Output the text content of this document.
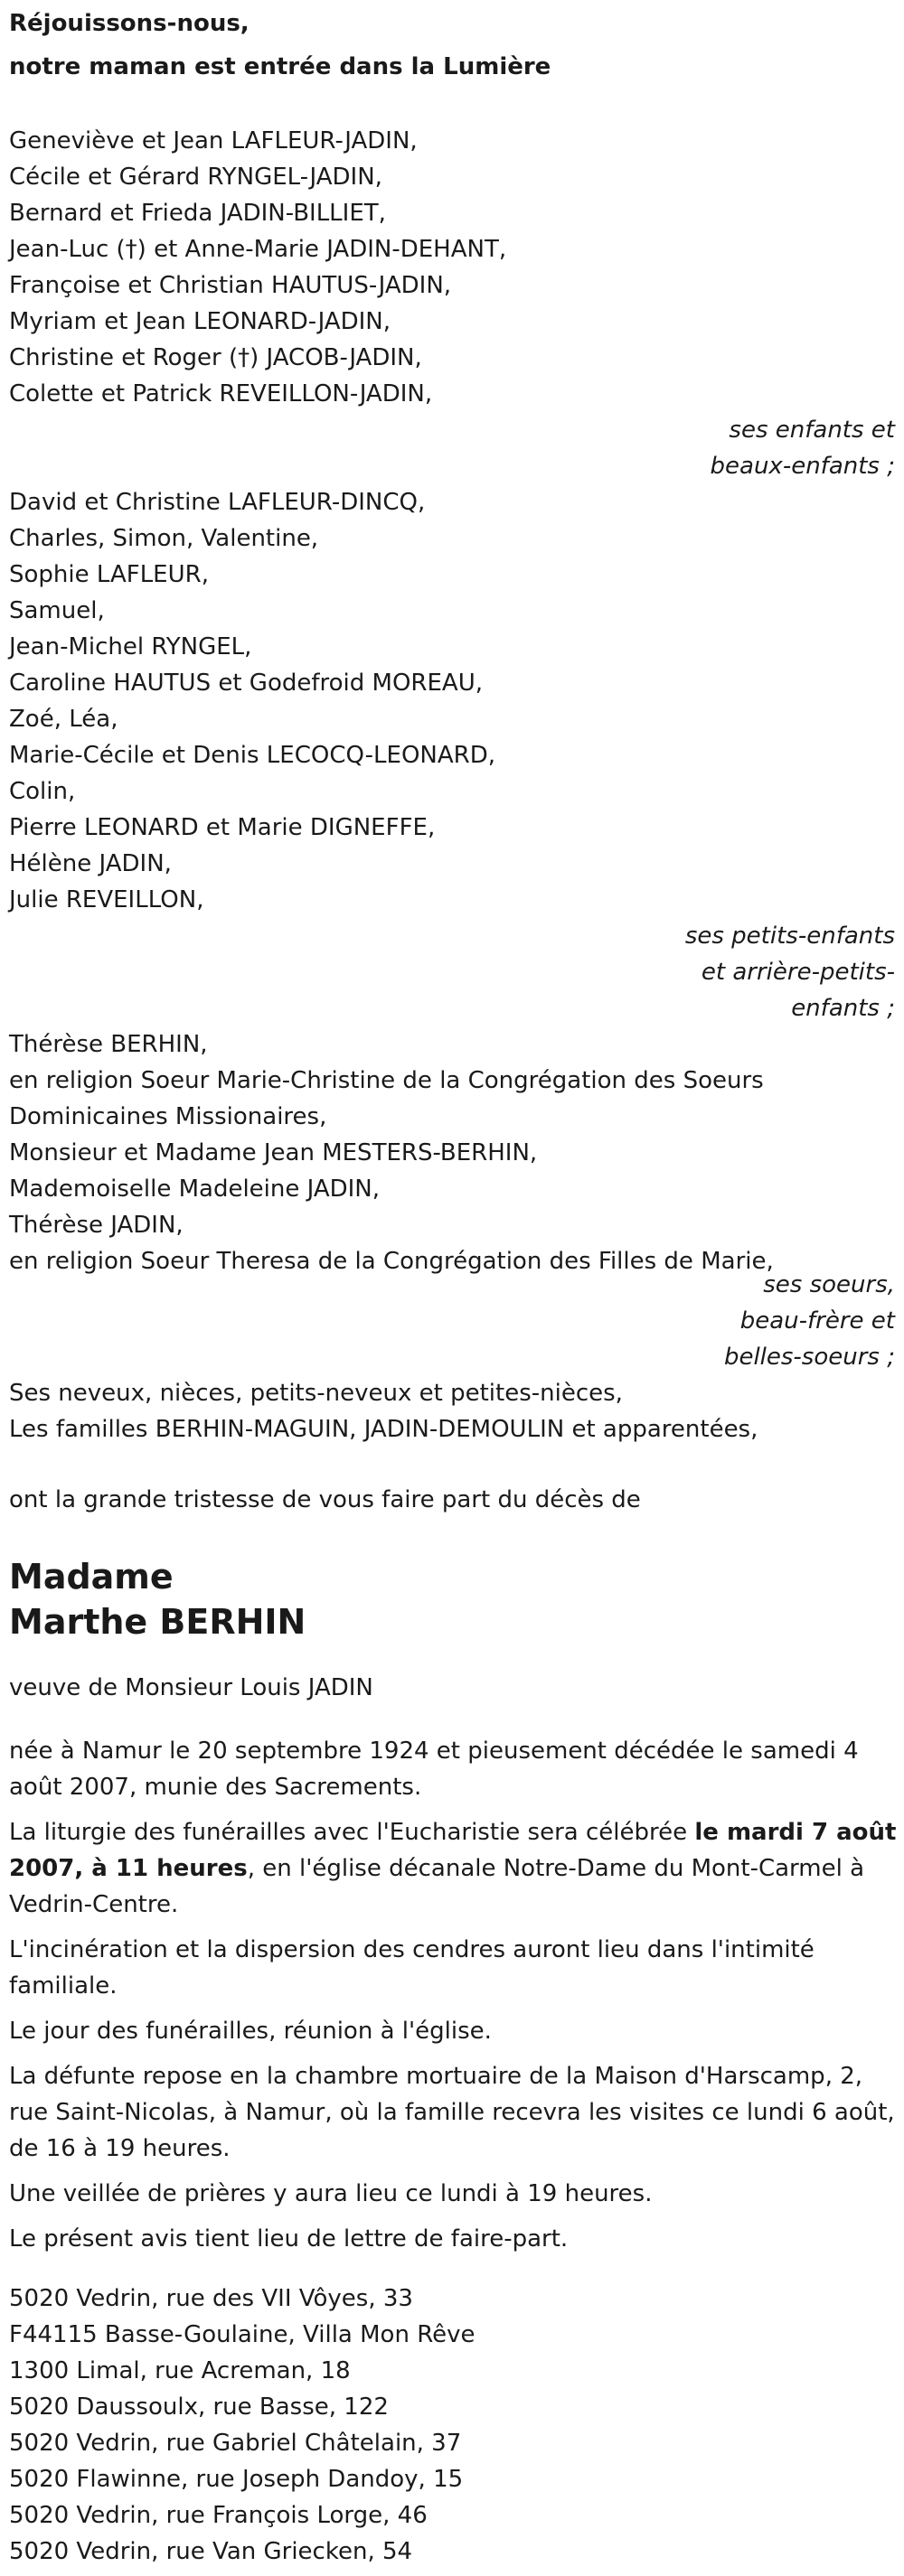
Réjouissons-nous,
notre maman est entrée dans la Lumière
Geneviève et Jean LAFLEUR-JADIN,
Cécile et Gérard RYNGEL-JADIN,
Bernard et Frieda JADIN-BILLIET,
Jean-Luc (†) et Anne-Marie JADIN-DEHANT,
Françoise et Christian HAUTUS-JADIN,
Myriam et Jean LEONARD-JADIN,
Christine et Roger (†) JACOB-JADIN,
Colette et Patrick REVEILLON-JADIN,
ses enfants et
beaux-enfants ;
David et Christine LAFLEUR-DINCQ,
Charles, Simon, Valentine,
Sophie LAFLEUR,
Samuel,
Jean-Michel RYNGEL,
Caroline HAUTUS et Godefroid MOREAU,
Zoé, Léa,
Marie-Cécile et Denis LECOCQ-LEONARD,
Colin,
Pierre LEONARD et Marie DIGNEFFE,
Hélène JADIN,
Julie REVEILLON,
ses petits-enfants
et arrière-petits-
enfants ;
Thérèse BERHIN,
en religion Soeur Marie-Christine de la Congrégation des Soeurs
Dominicaines Missionaires,
Monsieur et Madame Jean MESTERS-BERHIN,
Mademoiselle Madeleine JADIN,
Thérèse JADIN,
en religion Soeur Theresa de la Congrégation des Filles de Marie,
ses soeurs,
beau-frère et
belles-soeurs ;
Ses neveux, nièces, petits-neveux et petites-nièces,
Les familles BERHIN-MAGUIN, JADIN-DEMOULIN et apparentées,
ont la grande tristesse de vous faire part du décès de
Madame
Marthe BERHIN
veuve de Monsieur Louis JADIN
née à Namur le 20 septembre 1924 et pieusement décédée le samedi 4 août 2007, munie des Sacrements.
La liturgie des funérailles avec l'Eucharistie sera célébrée le mardi 7 août 2007, à 11 heures, en l'église décanale Notre-Dame du Mont-Carmel à Vedrin-Centre.
L'incinération et la dispersion des cendres auront lieu dans l'intimité familiale.
Le jour des funérailles, réunion à l'église.
La défunte repose en la chambre mortuaire de la Maison d'Harscamp, 2, rue Saint-Nicolas, à Namur, où la famille recevra les visites ce lundi 6 août, de 16 à 19 heures.
Une veillée de prières y aura lieu ce lundi à 19 heures.
Le présent avis tient lieu de lettre de faire-part.
5020 Vedrin, rue des VII Vôyes, 33
F44115 Basse-Goulaine, Villa Mon Rêve
1300 Limal, rue Acreman, 18
5020 Daussoulx, rue Basse, 122
5020 Vedrin, rue Gabriel Châtelain, 37
5020 Flawinne, rue Joseph Dandoy, 15
5020 Vedrin, rue François Lorge, 46
5020 Vedrin, rue Van Griecken, 54
